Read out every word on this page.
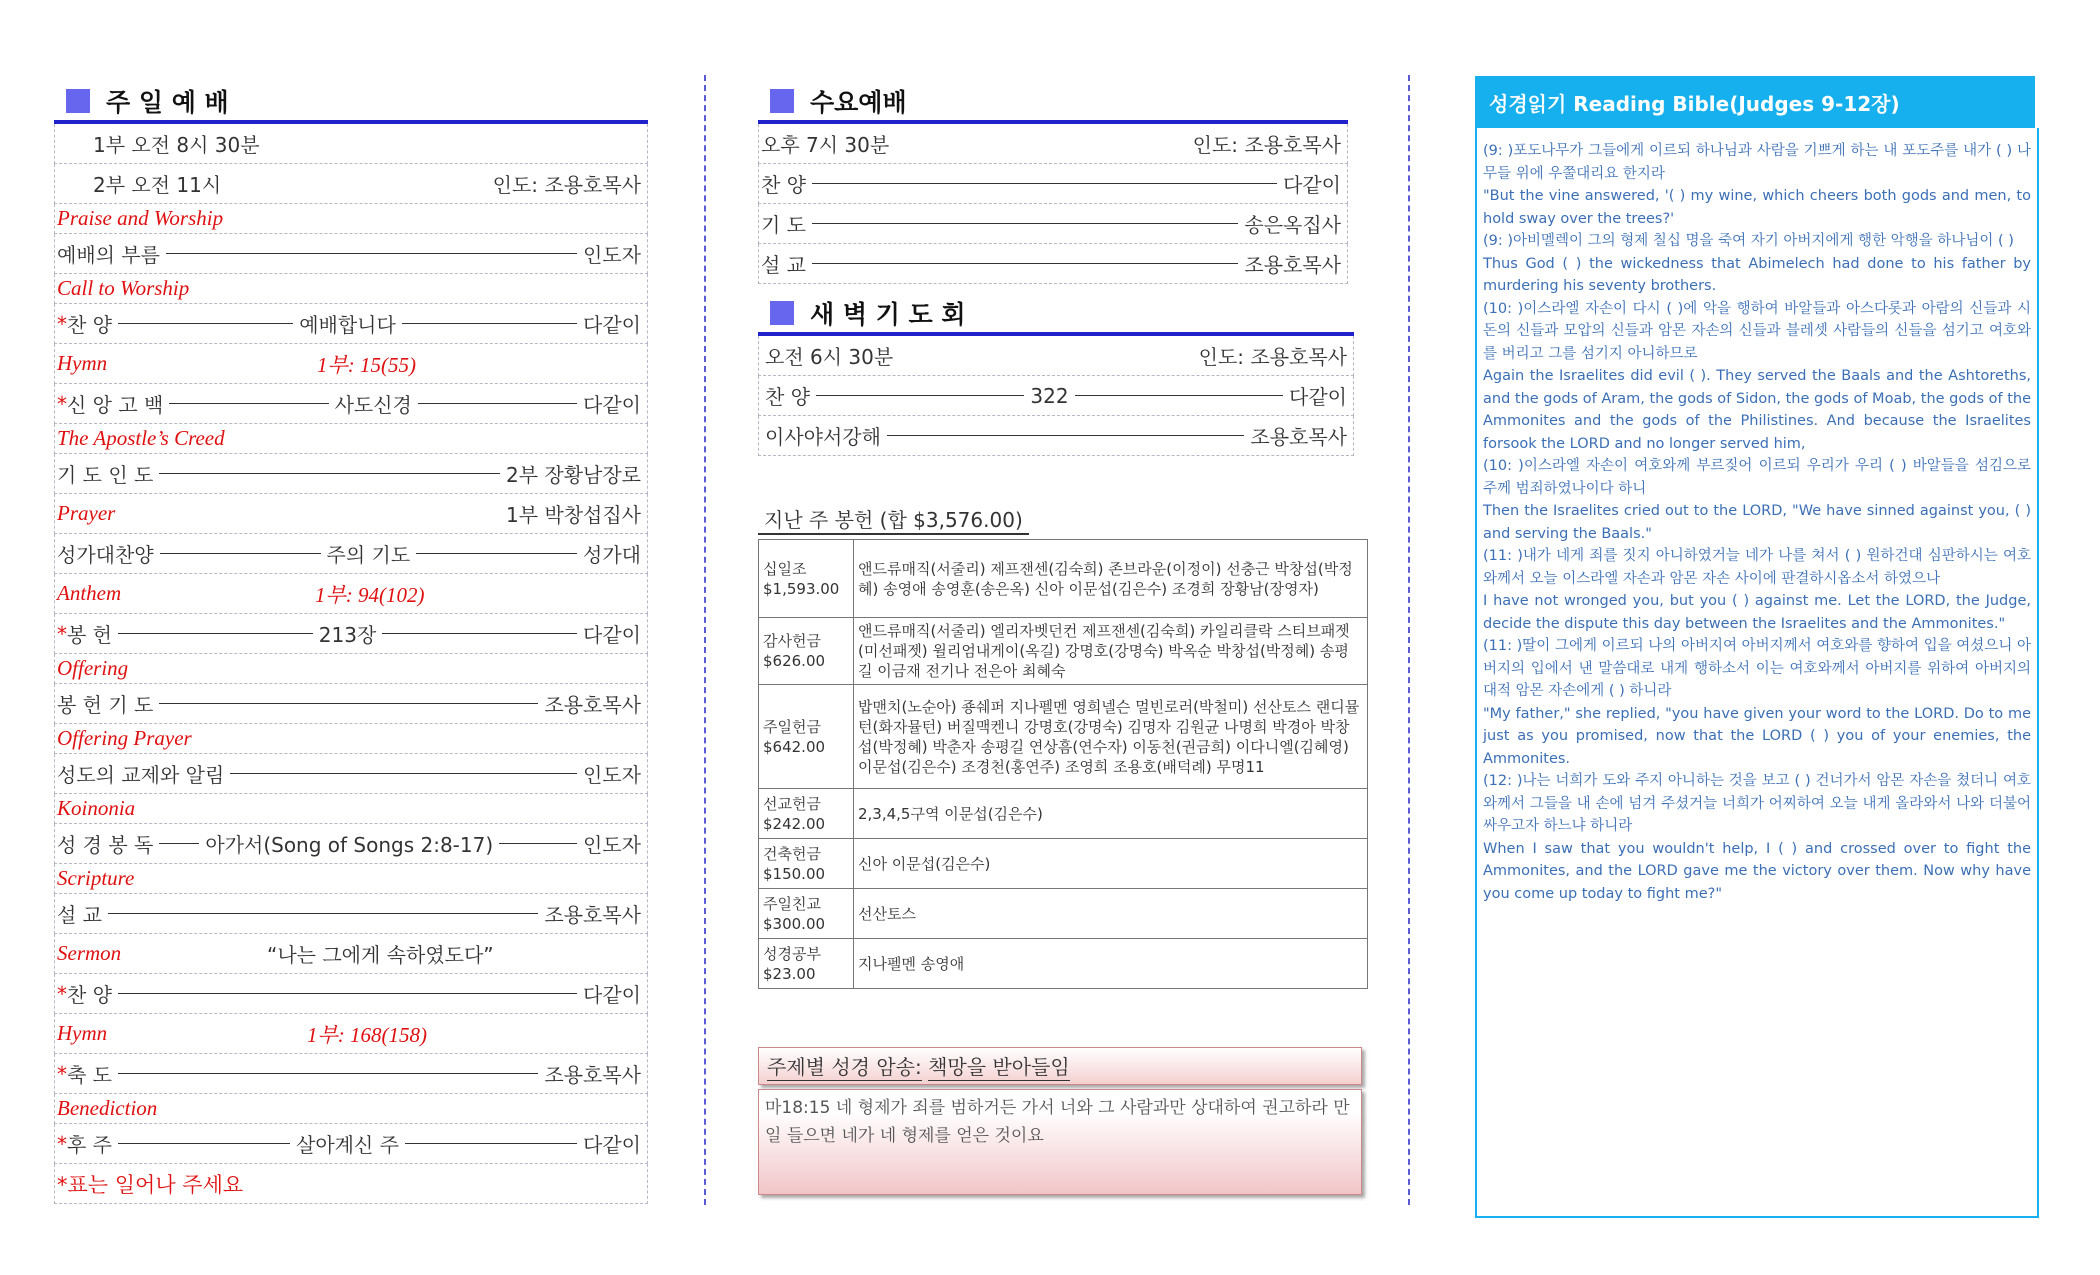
주 일 예 배
1부 오전 8시 30분
2부 오전 11시	인도: 조용호목사
Praise and Worship
예배의 부름	인도자
Call to Worship
* 찬 양	예배합니다	다같이
Hymn	1부: 15(55)
* 신 앙 고 백	사도신경	다같이
The Apostle’s Creed
기 도 인 도	2부 장황남장로
Prayer	1부 박창섭집사
성가대찬양	주의 기도	성가대
Anthem	1부: 94(102)
* 봉 헌	213장	다같이
Offering
봉 헌 기 도	조용호목사
Offering Prayer
성도의 교제와 알림	인도자
Koinonia
성 경 봉 독	아가서(Song of Songs 2:8-17)	인도자
Scripture
설 교	조용호목사
Sermon	“나는 그에게 속하였도다”
* 찬 양	다같이
Hymn	1부: 168(158)
* 축 도	조용호목사
Benediction
* 후 주	살아계신 주	다같이
*표는 일어나 주세요
수요예배
오후 7시 30분	인도: 조용호목사
찬 양	다같이
기 도	송은옥집사
설 교	조용호목사
새 벽 기 도 회
오전 6시 30분	인도: 조용호목사
찬 양	322	다같이
이사야서강해	조용호목사
지난 주 봉헌 (합 $3,576.00)
십일조
$1,593.00	앤드류매직(서줄리) 제프잰센(김숙희) 존브라운(이정이) 선충근 박창섭(박정혜) 송영애 송영훈(송은옥) 신아 이문섭(김은수) 조경희 장황남(장영자)

감사헌금
$626.00	앤드류매직(서줄리) 엘리자벳던컨 제프잰센(김숙희) 카일리클락 스티브패젯(미선패젯) 윌리엄내게이(옥길) 강명호(강명숙) 박옥순 박창섭(박정혜) 송평길 이금재 전기나 전은아 최혜숙

주일헌금
$642.00	밥맨치(노순아) 죵쉐퍼 지나펠멘 영희넬슨 멀빈로러(박철미) 선산토스 랜디뮬턴(화자뮬턴) 버질맥켄니 강명호(강명숙) 김명자 김원균 나명희 박경아 박창섭(박정혜) 박춘자 송평길 연상흠(연수자) 이동천(권금희) 이다니엘(김혜영) 이문섭(김은수) 조경천(홍연주) 조영희 조용호(배덕례) 무명11

선교헌금
$242.00	2,3,4,5구역 이문섭(김은수)

건축헌금
$150.00	신아 이문섭(김은수)

주일친교
$300.00	선산토스

성경공부
$23.00	지나펠멘 송영애
주제별 성경 암송:
책망을 받아들임
마18:15 네 형제가 죄를 범하거든 가서 너와 그 사람과만 상대하여 권고하라 만일 들으면 네가 네 형제를 얻은 것이요
성경읽기 Reading Bible(Judges 9-12장)

(9: )포도나무가 그들에게 이르되 하나님과 사람을 기쁘게 하는 내 포도주를 내가 ( ) 나무들 위에 우쭐대리요 한지라

"But the vine answered, '( ) my wine, which cheers both gods and men, to hold sway over the trees?'

(9: )아비멜렉이 그의 형제 칠십 명을 죽여 자기 아버지에게 행한 악행을 하나님이 ( )

Thus God ( ) the wickedness that Abimelech had done to his father by murdering his seventy brothers.

(10: )이스라엘 자손이 다시 ( )에 악을 행하여 바알들과 아스다롯과 아람의 신들과 시돈의 신들과 모압의 신들과 암몬 자손의 신들과 블레셋 사람들의 신들을 섬기고 여호와를 버리고 그를 섬기지 아니하므로

Again the Israelites did evil ( ). They served the Baals and the Ashtoreths, and the gods of Aram, the gods of Sidon, the gods of Moab, the gods of the Ammonites and the gods of the Philistines. And because the Israelites forsook the LORD and no longer served him,

(10: )이스라엘 자손이 여호와께 부르짖어 이르되 우리가 우리 ( ) 바알들을 섬김으로 주께 범죄하였나이다 하니

Then the Israelites cried out to the LORD, "We have sinned against you, ( ) and serving the Baals."

(11: )내가 네게 죄를 짓지 아니하였거늘 네가 나를 쳐서 ( ) 원하건대 심판하시는 여호와께서 오늘 이스라엘 자손과 암몬 자손 사이에 판결하시옵소서 하였으나

I have not wronged you, but you ( ) against me. Let the LORD, the Judge, decide the dispute this day between the Israelites and the Ammonites."

(11: )딸이 그에게 이르되 나의 아버지여 아버지께서 여호와를 향하여 입을 여셨으니 아버지의 입에서 낸 말씀대로 내게 행하소서 이는 여호와께서 아버지를 위하여 아버지의 대적 암몬 자손에게 ( ) 하니라

"My father," she replied, "you have given your word to the LORD. Do to me just as you promised, now that the LORD ( ) you of your enemies, the Ammonites.

(12: )나는 너희가 도와 주지 아니하는 것을 보고 ( ) 건너가서 암몬 자손을 쳤더니 여호와께서 그들을 내 손에 넘겨 주셨거늘 너희가 어찌하여 오늘 내게 올라와서 나와 더불어 싸우고자 하느냐 하니라

When I saw that you wouldn't help, I ( ) and crossed over to fight the Ammonites, and the LORD gave me the victory over them. Now why have you come up today to fight me?"
